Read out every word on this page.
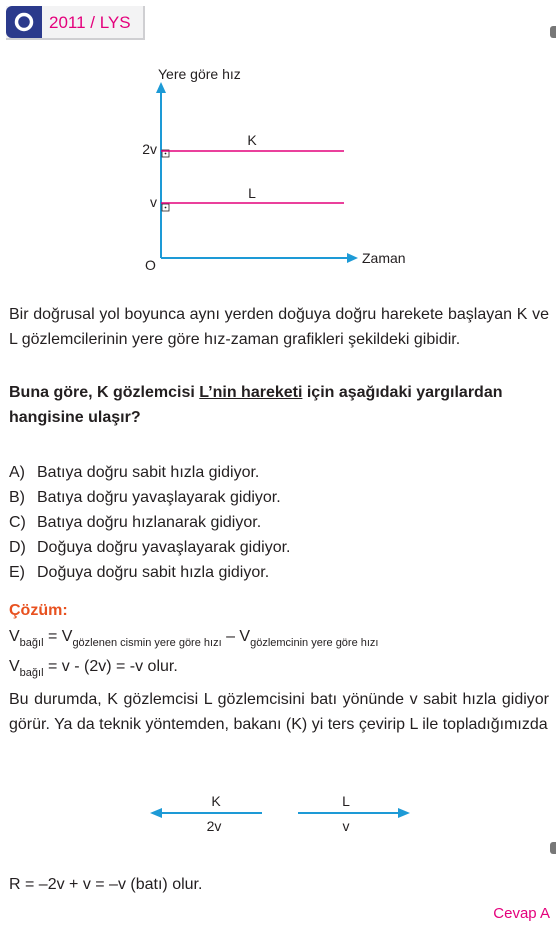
2011 / LYS
Yere göre hız
Zaman
O
2v
v
K
L

Bir doğrusal yol boyunca aynı yerden doğuya doğru harekete başlayan K ve L gözlemcilerinin yere göre hız-zaman grafikleri şekildeki gibidir.

Buna göre, K gözlemcisi L’nin hareketi için aşağıdaki yargılardan hangisine ulaşır?

A) Batıya doğru sabit hızla gidiyor.
B) Batıya doğru yavaşlayarak gidiyor.
C) Batıya doğru hızlanarak gidiyor.
D) Doğuya doğru yavaşlayarak gidiyor.
E) Doğuya doğru sabit hızla gidiyor.
Çözüm:
$V_{bağıl} = V_{gözlenen cismin yere göre hızı} - V_{gözlemcinin yere göre hızı}$
$V_{bağıl} = v - (2v) = -v$ olur.

Bu durumda, K gözlemcisi L gözlemcisini batı yönünde v sabit hızla gidiyor görür. Ya da teknik yöntemden, bakanı (K) yi ters çevirip L ile topladığımızda

K
2v
L
v
R = –2v + v = –v (batı) olur.
Cevap A
